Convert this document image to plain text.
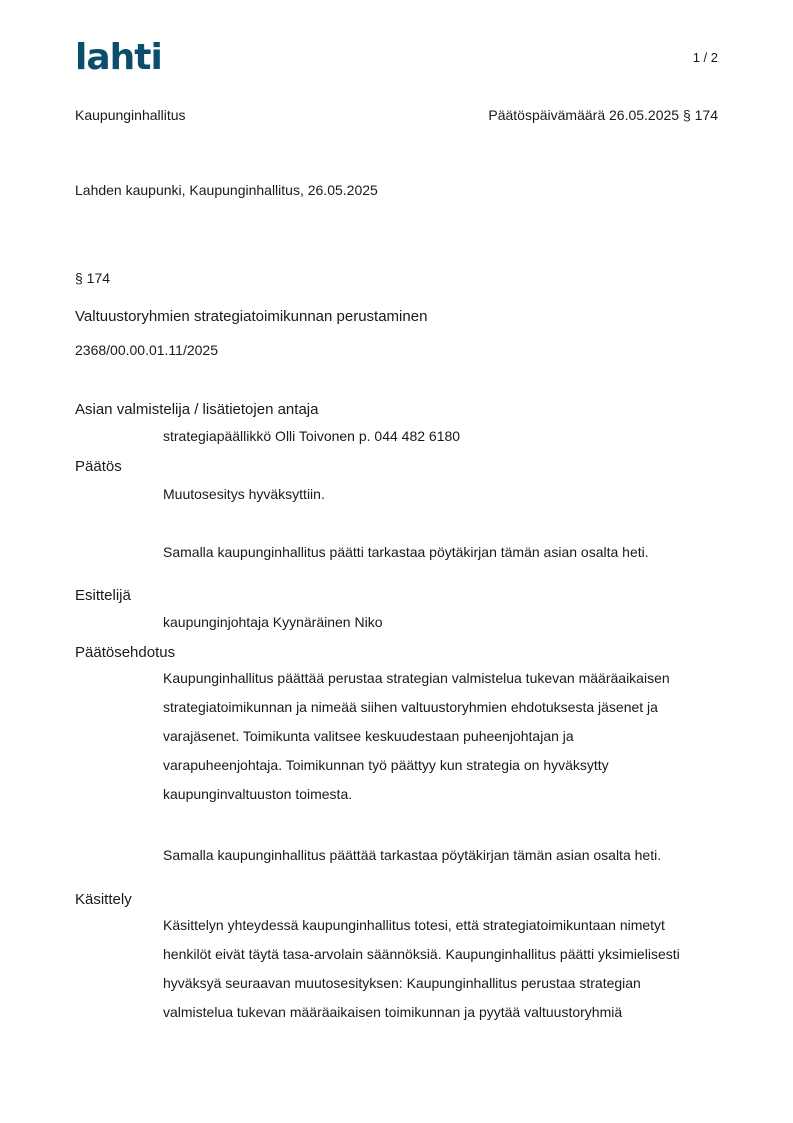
lahti	1 / 2
Kaupunginhallitus	Päätöspäivämäärä 26.05.2025 § 174
Lahden kaupunki, Kaupunginhallitus, 26.05.2025
§ 174
Valtuustoryhmien strategiatoimikunnan perustaminen
2368/00.00.01.11/2025
Asian valmistelija / lisätietojen antaja
strategiapäällikkö Olli Toivonen p. 044 482 6180
Päätös
Muutosesitys hyväksyttiin.
Samalla kaupunginhallitus päätti tarkastaa pöytäkirjan tämän asian osalta heti.
Esittelijä
kaupunginjohtaja Kyynäräinen Niko
Päätösehdotus
Kaupunginhallitus päättää perustaa strategian valmistelua tukevan määräaikaisen
strategiatoimikunnan ja nimeää siihen valtuustoryhmien ehdotuksesta jäsenet ja
varajäsenet. Toimikunta valitsee keskuudestaan puheenjohtajan ja
varapuheenjohtaja. Toimikunnan työ päättyy kun strategia on hyväksytty
kaupunginvaltuuston toimesta.
Samalla kaupunginhallitus päättää tarkastaa pöytäkirjan tämän asian osalta heti.
Käsittely
Käsittelyn yhteydessä kaupunginhallitus totesi, että strategiatoimikuntaan nimetyt
henkilöt eivät täytä tasa-arvolain säännöksiä. Kaupunginhallitus päätti yksimielisesti
hyväksyä seuraavan muutosesityksen: Kaupunginhallitus perustaa strategian
valmistelua tukevan määräaikaisen toimikunnan ja pyytää valtuustoryhmiä
